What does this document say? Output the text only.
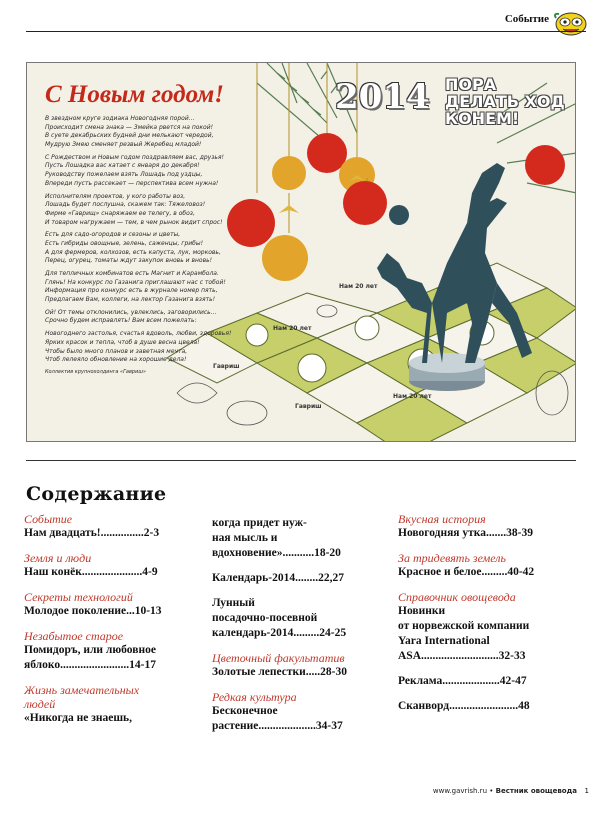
Событие
С Новым годом!	2014 ПОРА ДЕЛАТЬ ХОД КОНЕМ!

В звездном круге зодиака Новогодняя порой…
Происходит смена знака — Змейка рвется на покой!
В суете декабрьских будней дни мелькают чередой,
Мудрую Змею сменяет резвый Жеребец младой!

С Рождеством и Новым годом поздравляем вас, друзья!
Пусть Лошадка вас катает с января до декабря!
Руководству пожелаем взять Лошадь под уздцы,
Впереди пусть рассекает — перспектива всем нужна!

Исполнителям проектов, у кого работы воз,
Лошадь будет послушна, скажем так: Тяжеловоз!
Фирме «Гаврищ» снаряжаем ее телегу, в обоз,
И товаром нагружаем — тем, в чем рынок видит спрос!

Есть для садо-огородов и сезоны и цветы,
Есть гибриды овощные, зелень, саженцы, грибы!
А для фермеров, колхозов, есть капуста, лук, морковь,
Перец, огурец, томаты ждут закупок вновь и вновь!

Для тепличных комбинатов есть Магнит и Карамбола.
Глянь! На конкурс по Газанига приглашают нас с тобой!
Информация про конкурс есть в журнале номер пять,
Предлагаем Вам, коллеги, на лектор Газанига взять!

Ой! От темы отклонились, увлеклись, заговорились…
Срочно будем исправлять! Вам всем пожелать:

Новогоднего застолья, счастья вдоволь, любви, здоровья!
Ярких красок и тепла, чтоб в душе весна цвела!
Чтобы было много планов и заветная мечта,
Чтоб лелеяло обновление на хорошие дела!

Коллектив крупнохолдинга «Гавриш»

Нам 20 лет
Нам 20 лет
Нам 20 лет
Гавриш
Гавриш
Содержание
Событие
Нам двадцать!...............2-3
Земля и люди
Наш конёк.....................4-9
Секреты технологий
Молодое поколение...10-13
Незабытое старое
Помидоръ, или любовное
яблоко........................14-17
Жизнь замечательных
людей
«Никогда не знаешь,
когда придет нуж-
ная мысль и
вдохновение»...........18-20
Календарь-2014........22,27
Лунный
посадочно-посевной
календарь-2014.........24-25
Цветочный факультатив
Золотые лепестки.....28-30
Редкая культура
Бесконечное
растение....................34-37
Вкусная история
Новогодняя утка.......38-39
За тридевять земель
Красное и белое.........40-42
Справочник овощевода
Новинки
от норвежской компании
Yara International
ASA...........................32-33
Реклама....................42-47
Сканворд........................48
www.gavrish.ru • Вестник овощевода 1
